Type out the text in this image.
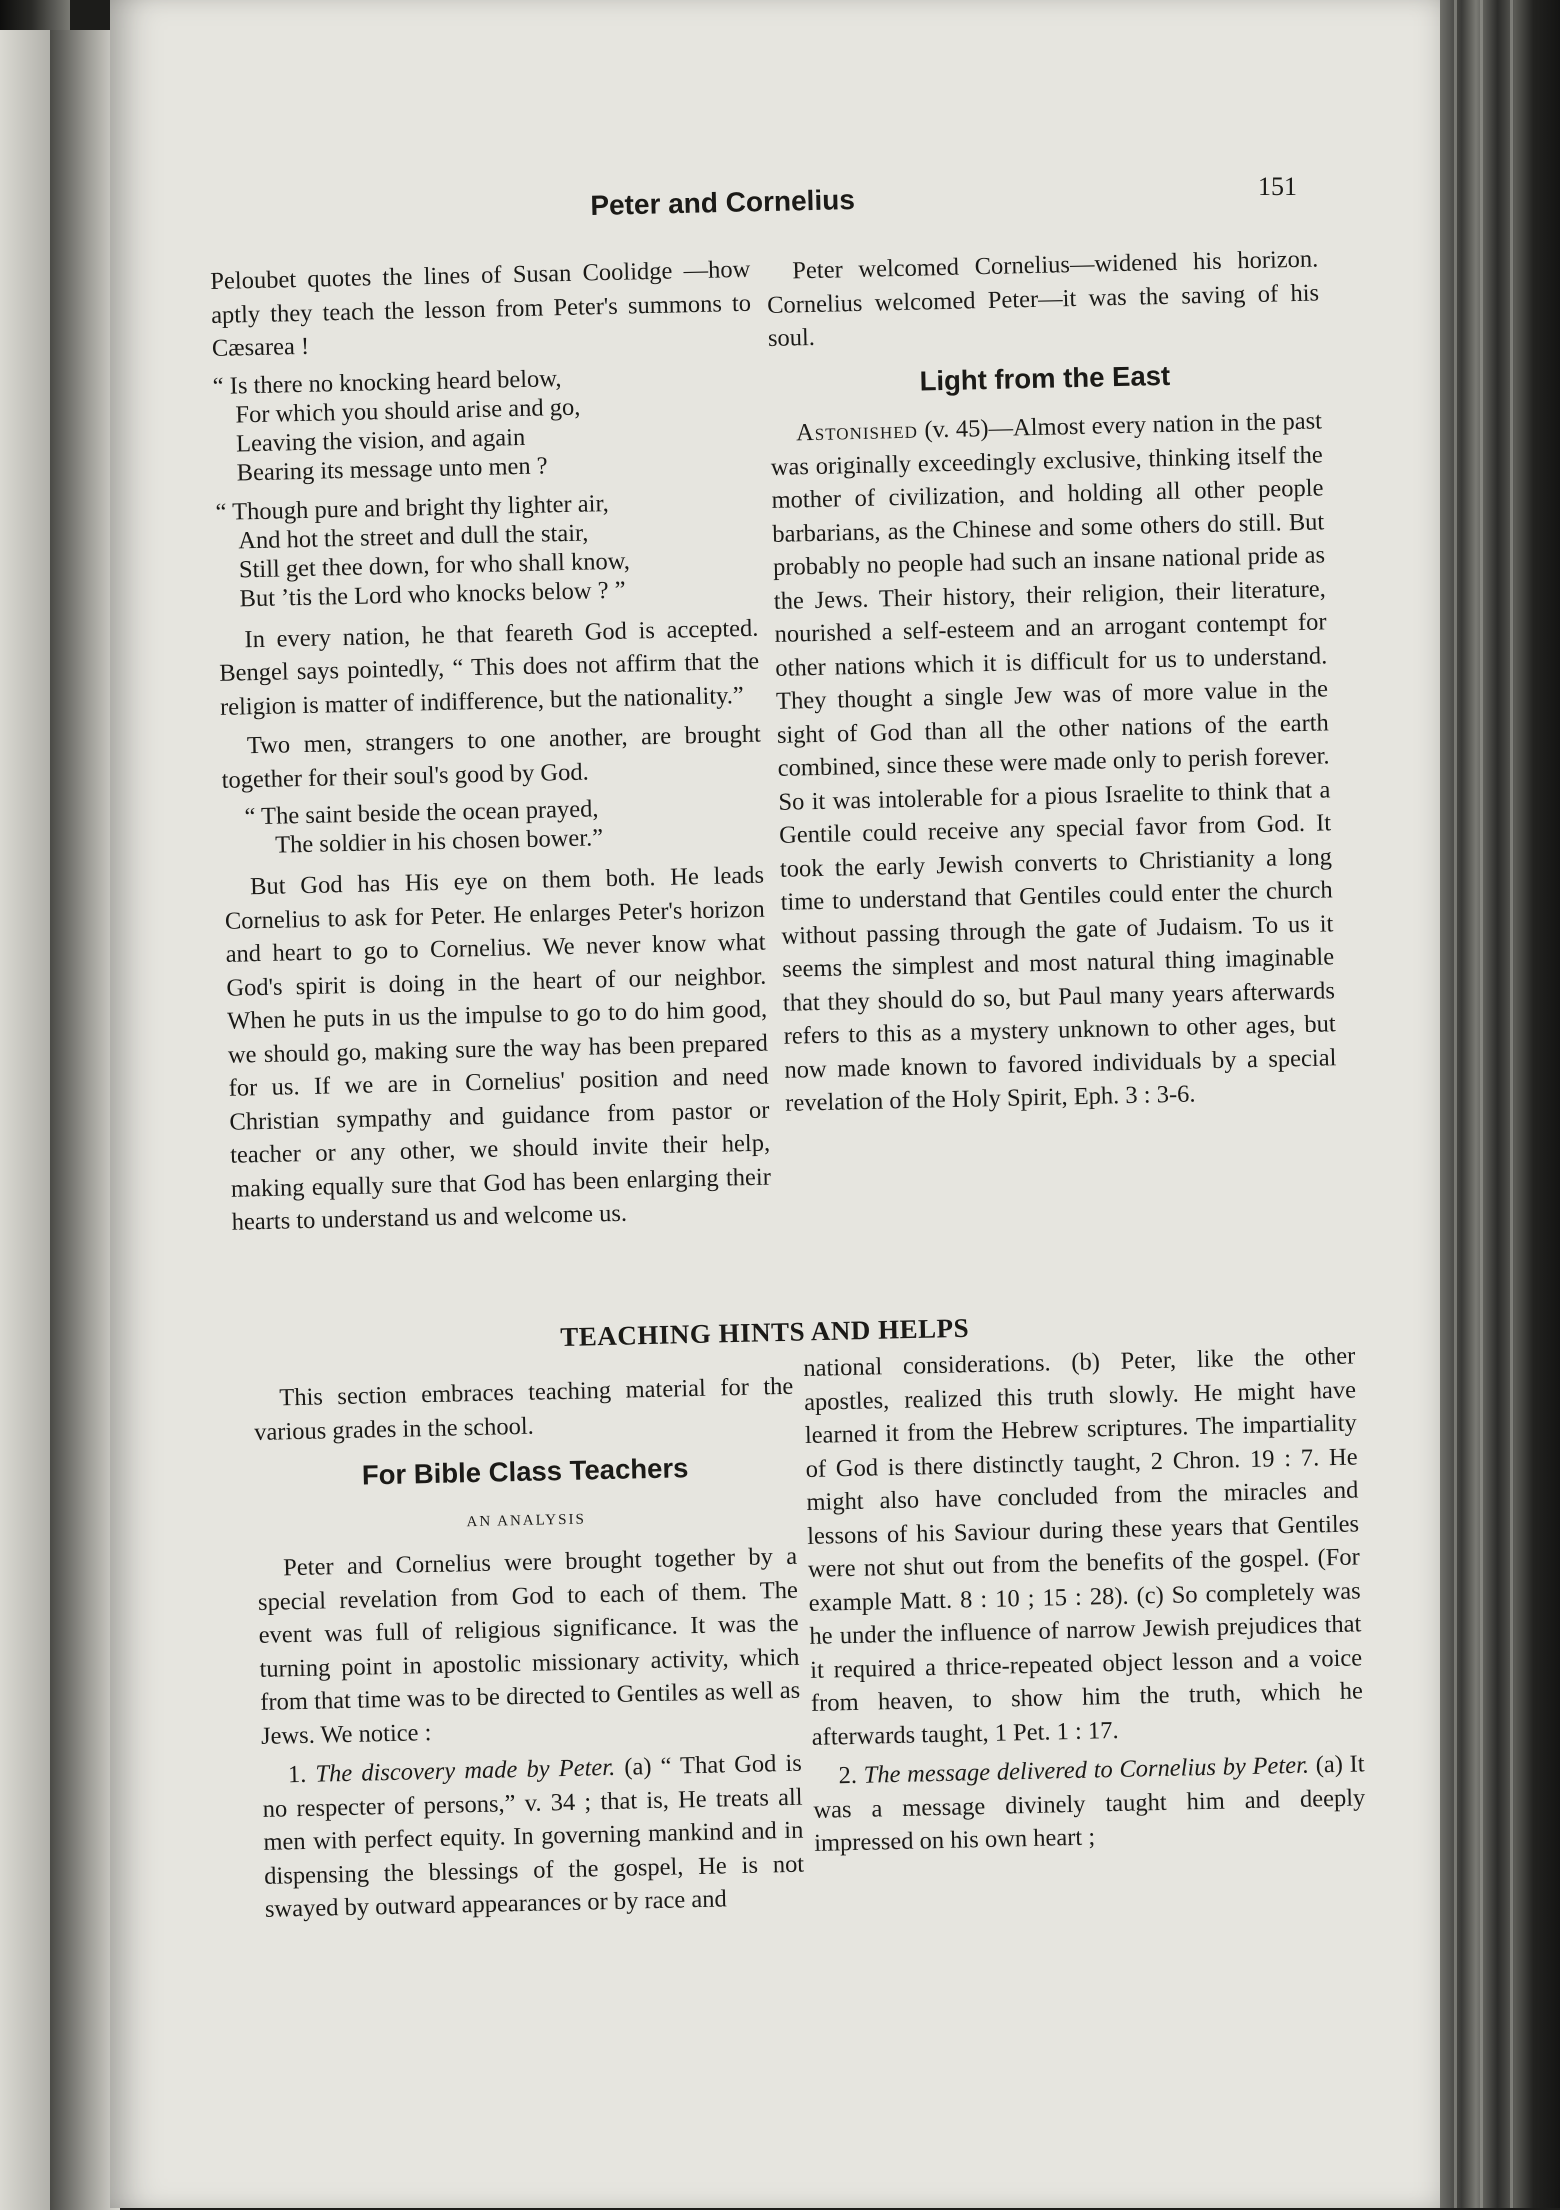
Peter and Cornelius	151

Peloubet quotes the lines of Susan Coolidge —how aptly they teach the lesson from Peter's summons to Cæsarea !

“ Is there no knocking heard below,
For which you should arise and go,
Leaving the vision, and again
Bearing its message unto men ?
“ Though pure and bright thy lighter air,
And hot the street and dull the stair,
Still get thee down, for who shall know,
But ’tis the Lord who knocks below ? ”

In every nation, he that feareth God is accepted. Bengel says pointedly, “ This does not affirm that the religion is matter of indifference, but the nationality.”

Two men, strangers to one another, are brought together for their soul's good by God.

“ The saint beside the ocean prayed,
The soldier in his chosen bower.”

But God has His eye on them both. He leads Cornelius to ask for Peter. He enlarges Peter's horizon and heart to go to Cornelius. We never know what God's spirit is doing in the heart of our neighbor. When he puts in us the impulse to go to do him good, we should go, making sure the way has been prepared for us. If we are in Cornelius' position and need Christian sympathy and guidance from pastor or teacher or any other, we should invite their help, making equally sure that God has been enlarging their hearts to understand us and welcome us.

Peter welcomed Cornelius—widened his horizon. Cornelius welcomed Peter—it was the saving of his soul.

Light from the East

Astonished (v. 45)—Almost every nation in the past was originally exceedingly exclusive, thinking itself the mother of civilization, and holding all other people barbarians, as the Chinese and some others do still. But probably no people had such an insane national pride as the Jews. Their history, their religion, their literature, nourished a self-esteem and an arrogant contempt for other nations which it is difficult for us to understand. They thought a single Jew was of more value in the sight of God than all the other nations of the earth combined, since these were made only to perish forever. So it was intolerable for a pious Israelite to think that a Gentile could receive any special favor from God. It took the early Jewish converts to Christianity a long time to understand that Gentiles could enter the church without passing through the gate of Judaism. To us it seems the simplest and most natural thing imaginable that they should do so, but Paul many years afterwards refers to this as a mystery unknown to other ages, but now made known to favored individuals by a special revelation of the Holy Spirit, Eph. 3 : 3-6.

TEACHING HINTS AND HELPS

This section embraces teaching material for the various grades in the school.

For Bible Class Teachers
AN ANALYSIS

Peter and Cornelius were brought together by a special revelation from God to each of them. The event was full of religious significance. It was the turning point in apostolic missionary activity, which from that time was to be directed to Gentiles as well as Jews. We notice :

1. The discovery made by Peter. (a) “ That God is no respecter of persons,” v. 34 ; that is, He treats all men with perfect equity. In governing mankind and in dispensing the blessings of the gospel, He is not swayed by outward appearances or by race and

national considerations. (b) Peter, like the other apostles, realized this truth slowly. He might have learned it from the Hebrew scriptures. The impartiality of God is there distinctly taught, 2 Chron. 19 : 7. He might also have concluded from the miracles and lessons of his Saviour during these years that Gentiles were not shut out from the benefits of the gospel. (For example Matt. 8 : 10 ; 15 : 28). (c) So completely was he under the influence of narrow Jewish prejudices that it required a thrice-repeated object lesson and a voice from heaven, to show him the truth, which he afterwards taught, 1 Pet. 1 : 17.

2. The message delivered to Cornelius by Peter. (a) It was a message divinely taught him and deeply impressed on his own heart ;
